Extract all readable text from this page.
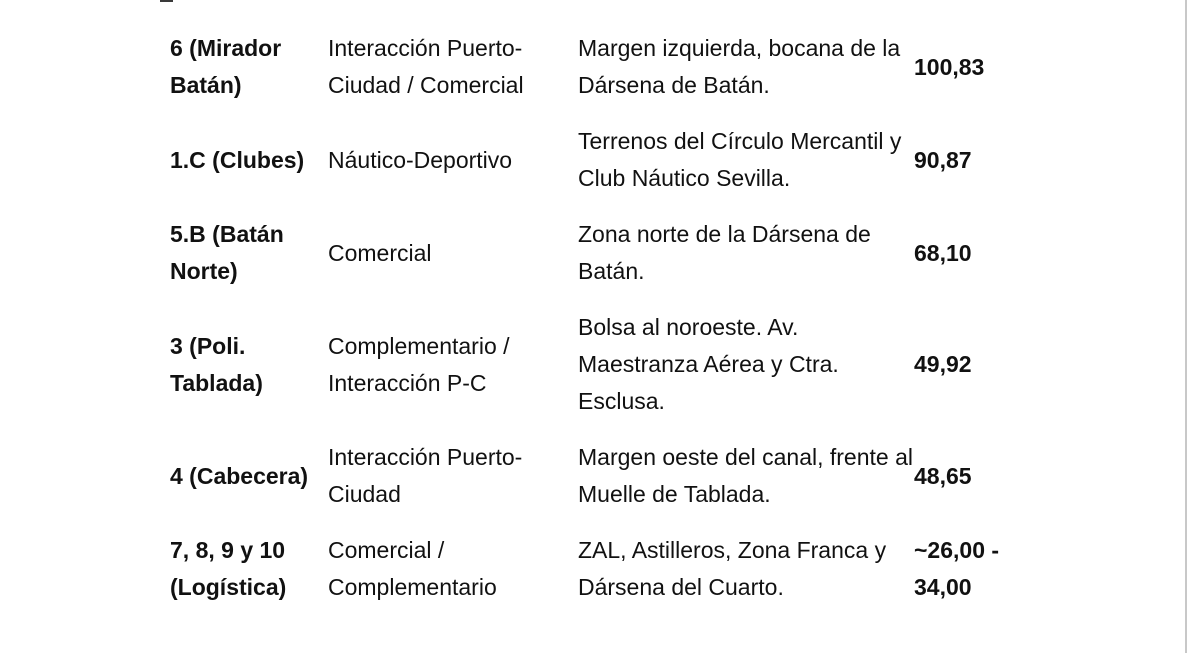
6 (Mirador Batán)
Interacción Puerto-Ciudad / Comercial
Margen izquierda, bocana de la Dársena de Batán.
100,83
1.C (Clubes)	Náutico-Deportivo
Terrenos del Círculo Mercantil y Club Náutico Sevilla.
90,87
5.B (Batán Norte)
Comercial
Zona norte de la Dársena de Batán.
68,10
3 (Poli. Tablada)
Complementario / Interacción P-C
Bolsa al noroeste. Av. Maestranza Aérea y Ctra. Esclusa.
49,92
4 (Cabecera)
Interacción Puerto-Ciudad
Margen oeste del canal, frente al Muelle de Tablada.
48,65
7, 8, 9 y 10 (Logística)
Comercial / Complementario
ZAL, Astilleros, Zona Franca y Dársena del Cuarto.
~26,00 - 34,00
